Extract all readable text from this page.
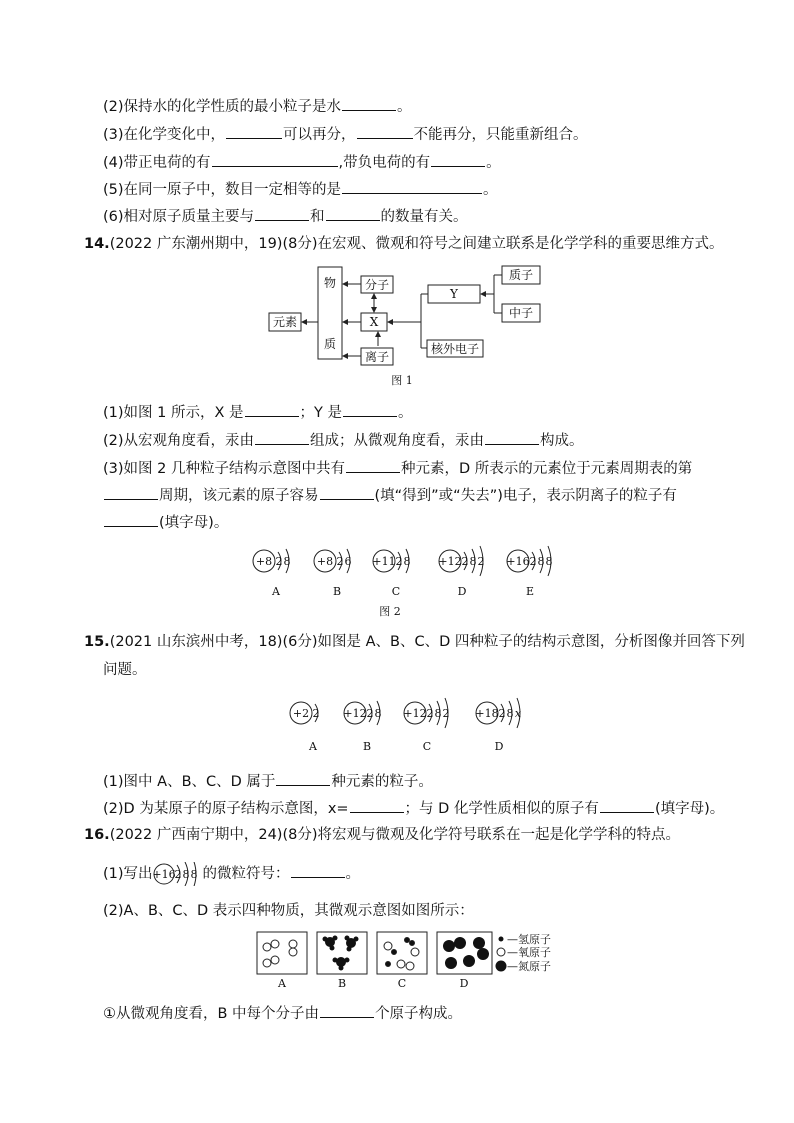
(2)保持水的化学性质的最小粒子是水	。
(3)在化学变化中，	可以再分，	不能再分，只能重新组合。
(4)带正电荷的有	,带负电荷的有	。
(5)在同一原子中，数目一定相等的是	。
(6)相对原子质量主要与	和	的数量有关。
14.(2022 广东潮州期中，19)(8分)在宏观、微观和符号之间建立联系是化学学科的重要思维方式。
元素
物
质
分子
X
离子
Y
质子
中子
核外电子
图 1
(1)如图 1 所示，X 是	；Y 是	。
(2)从宏观角度看，汞由	组成；从微观角度看，汞由	构成。
(3)如图 2 几种粒子结构示意图中共有	种元素，D 所表示的元素位于元素周期表的第
周期，该元素的原子容易	(填“得到”或“失去”)电子，表示阴离子的粒子有
(填字母)。
+8 2 8
A
+8 2 6
B
+11 2 8
C
+12 2 8 2
D
+16 2 8 8
E
图 2
15.(2021 山东滨州中考，18)(6分)如图是 A、B、C、D 四种粒子的结构示意图，分析图像并回答下列
问题。
+2 2
A
+12 2 8
B
+12 2 8 2
C
+18 2 8 x
D
(1)图中 A、B、C、D 属于	种元素的粒子。
(2)D 为某原子的原子结构示意图，x=	；与 D 化学性质相似的原子有	(填字母)。
16.(2022 广西南宁期中，24)(8分)将宏观与微观及化学符号联系在一起是化学学科的特点。
(1)写出 +16
2 8 8 的微粒符号：	。
(2)A、B、C、D 表示四种物质，其微观示意图如图所示：
A	B	C	D
—氢原子
—氧原子
—氮原子
①从微观角度看，B 中每个分子由	个原子构成。
